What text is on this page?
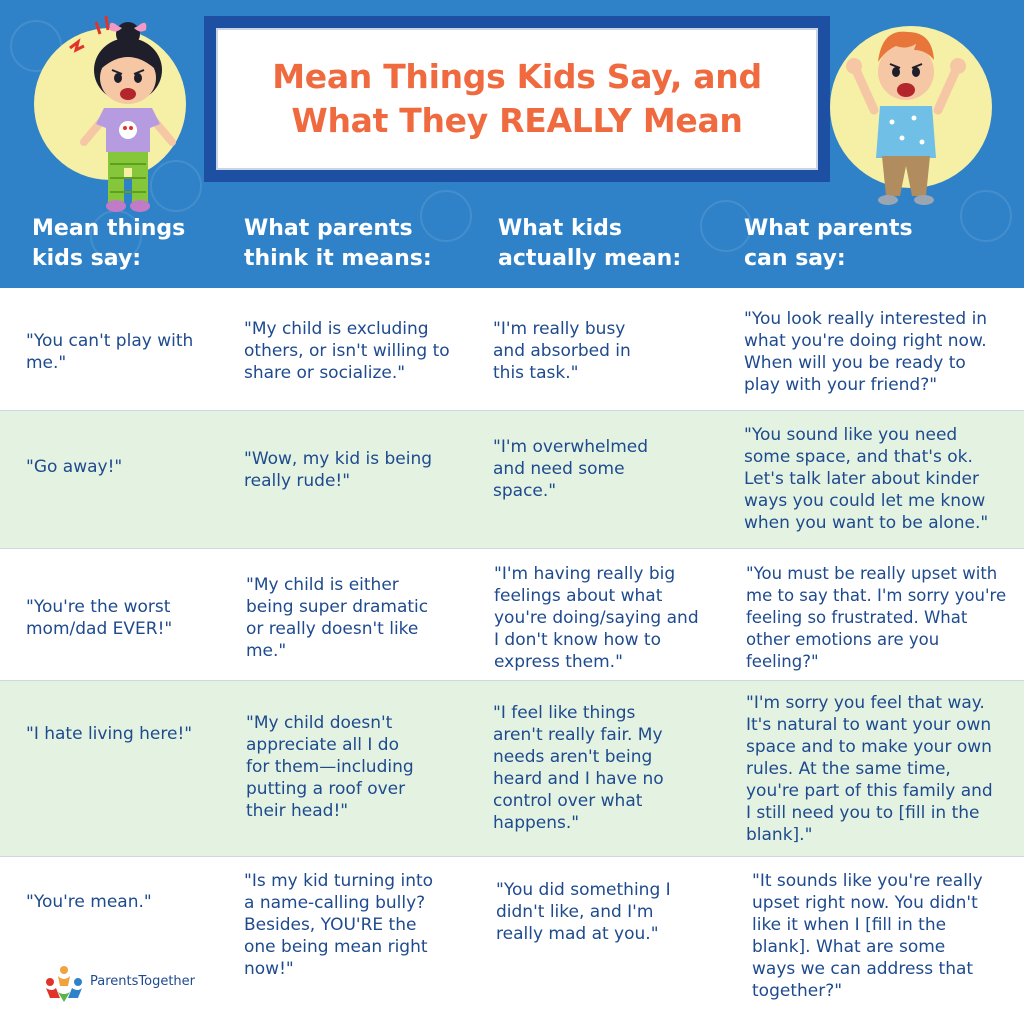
Mean Things Kids Say, and
What They REALLY Mean
Mean things
kids say:
What parents
think it means:
What kids
actually mean:
What parents
can say:
"You can't play with
me."
"My child is excluding
others, or isn't willing to
share or socialize."
"I'm really busy
and absorbed in
this task."
"You look really interested in
what you're doing right now.
When will you be ready to
play with your friend?"
"Go away!"	"Wow, my kid is being
really rude!"
"I'm overwhelmed
and need some
space."
"You sound like you need
some space, and that's ok.
Let's talk later about kinder
ways you could let me know
when you want to be alone."
"You're the worst
mom/dad EVER!"
"My child is either
being super dramatic
or really doesn't like
me."
"I'm having really big
feelings about what
you're doing/saying and
I don't know how to
express them."
"You must be really upset with
me to say that. I'm sorry you're
feeling so frustrated. What
other emotions are you
feeling?"
"I hate living here!"
"My child doesn't
appreciate all I do
for them—including
putting a roof over
their head!"
"I feel like things
aren't really fair. My
needs aren't being
heard and I have no
control over what
happens."
"I'm sorry you feel that way.
It's natural to want your own
space and to make your own
rules. At the same time,
you're part of this family and
I still need you to [fill in the
blank]."
"You're mean."
"Is my kid turning into
a name-calling bully?
Besides, YOU'RE the
one being mean right
now!"
"You did something I
didn't like, and I'm
really mad at you."
"It sounds like you're really
upset right now. You didn't
like it when I [fill in the
blank]. What are some
ways we can address that
together?"
ParentsTogether
